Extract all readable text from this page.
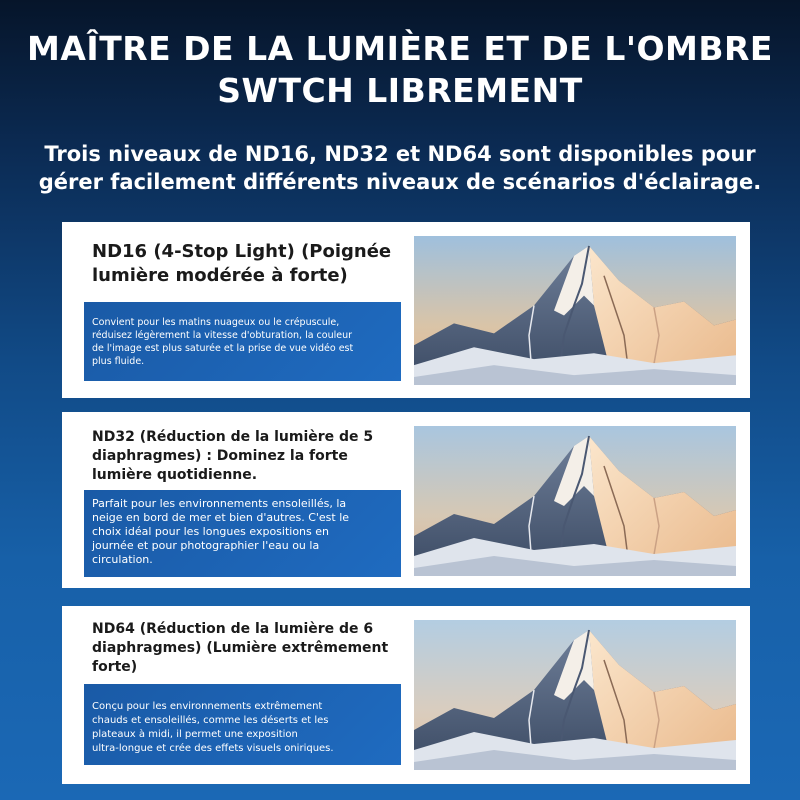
MAÎTRE DE LA LUMIÈRE ET DE L'OMBRE
SWTCH LIBREMENT
Trois niveaux de ND16, ND32 et ND64 sont disponibles pour
gérer facilement différents niveaux de scénarios d'éclairage.
ND16 (4-Stop Light) (Poignée
lumière modérée à forte)
Convient pour les matins nuageux ou le crépuscule,
réduisez légèrement la vitesse d'obturation, la couleur
de l'image est plus saturée et la prise de vue vidéo est
plus fluide.
ND32 (Réduction de la lumière de 5
diaphragmes) : Dominez la forte
lumière quotidienne.
Parfait pour les environnements ensoleillés, la
neige en bord de mer et bien d'autres. C'est le
choix idéal pour les longues expositions en
journée et pour photographier l'eau ou la
circulation.
ND64 (Réduction de la lumière de 6
diaphragmes) (Lumière extrêmement
forte)
Conçu pour les environnements extrêmement
chauds et ensoleillés, comme les déserts et les
plateaux à midi, il permet une exposition
ultra-longue et crée des effets visuels oniriques.
